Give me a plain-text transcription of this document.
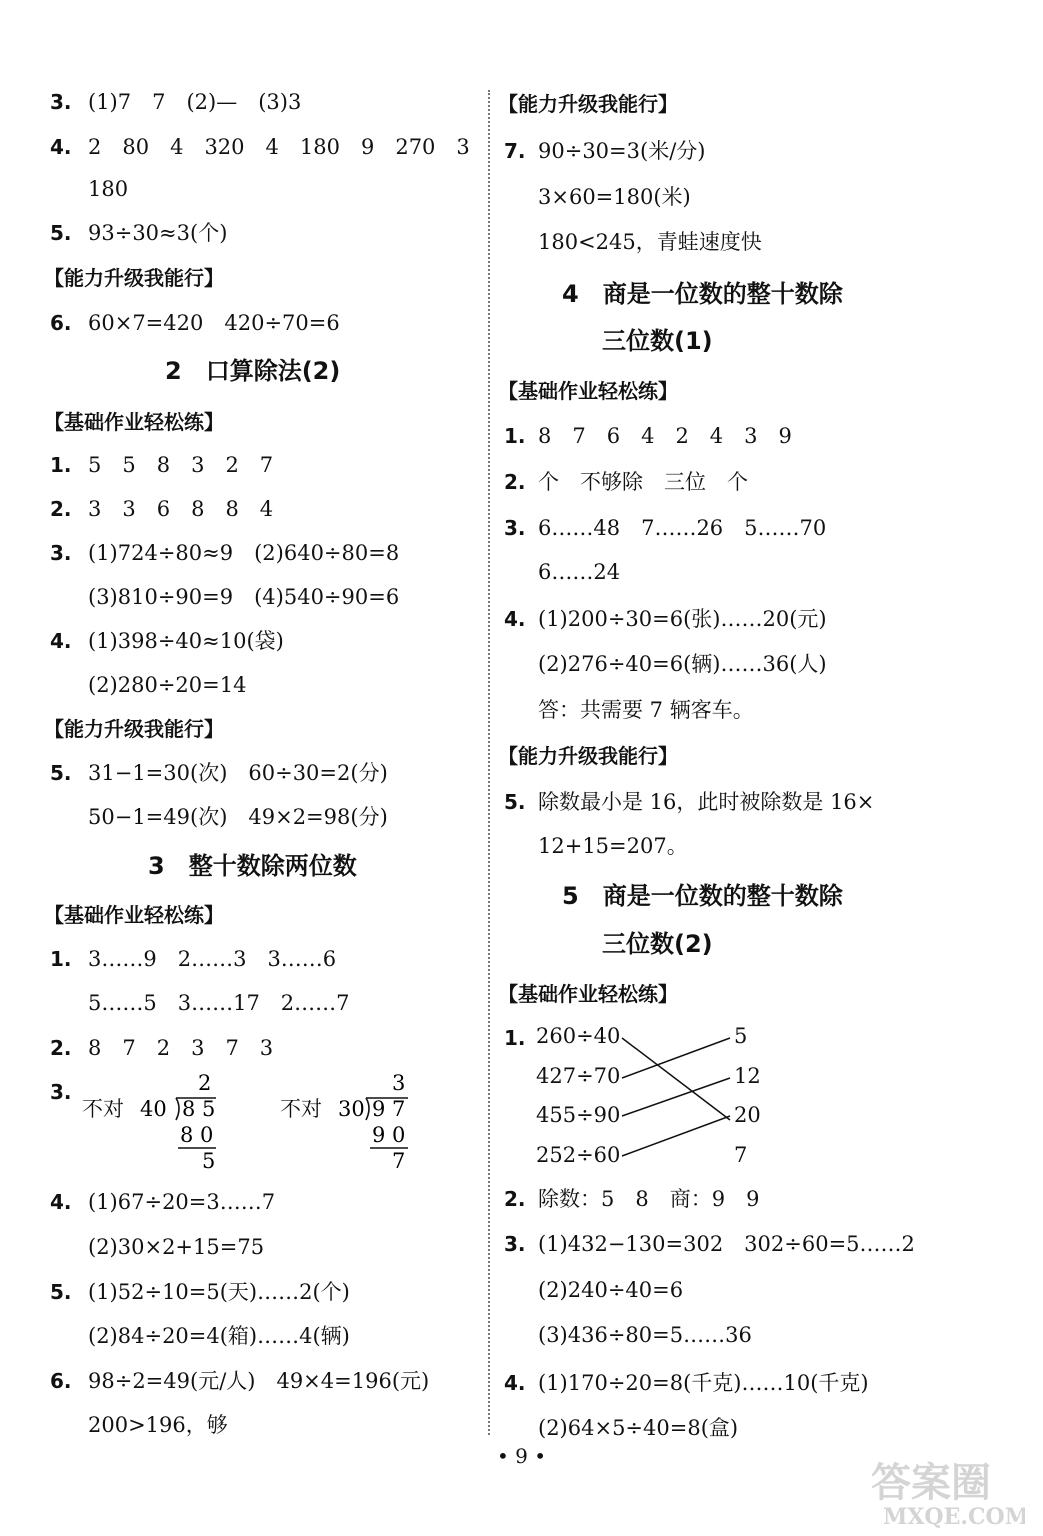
3. (1)7　7　(2)—　(3)3
4. 2　80　4　320　4　180　9　270　3
180
5. 93÷30≈3(个)
【能力升级我能行】
6. 60×7=420　420÷70=6
2　口算除法(2)
【基础作业轻松练】
1. 5　5　8　3　2　7
2. 3　3　6　8　8　4
3. (1)724÷80≈9　(2)640÷80=8
(3)810÷90=9　(4)540÷90=6
4. (1)398÷40≈10(袋)
(2)280÷20=14
【能力升级我能行】
5. 31−1=30(次)　60÷30=2(分)
50−1=49(次)　49×2=98(分)
3　整十数除两位数
【基础作业轻松练】
1. 3……9　2……3　3……6
5……5　3……17　2……7
2. 8　7　2　3　7　3
3.
不对 40
2
8 5
8 0
5
不对 30
3
9 7
9 0
7
4. (1)67÷20=3……7
(2)30×2+15=75
5. (1)52÷10=5(天)……2(个)
(2)84÷20=4(箱)……4(辆)
6. 98÷2=49(元/人)　49×4=196(元)
200>196，够
【能力升级我能行】
7. 90÷30=3(米/分)
3×60=180(米)
180<245，青蛙速度快
4　商是一位数的整十数除
三位数(1)
【基础作业轻松练】
1. 8　7　6　4　2　4　3　9
2. 个　不够除　三位　个
3. 6……48　7……26　5……70
6……24
4. (1)200÷30=6(张)……20(元)
(2)276÷40=6(辆)……36(人)
答：共需要 7 辆客车。
【能力升级我能行】
5. 除数最小是 16，此时被除数是 16×
12+15=207。
5　商是一位数的整十数除
三位数(2)
【基础作业轻松练】
1. 260÷40
427÷70
455÷90
252÷60
5
12
20
7
2. 除数：5　8　商：9　9
3. (1)432−130=302　302÷60=5……2
(2)240÷40=6
(3)436÷80=5……36
4. (1)170÷20=8(千克)……10(千克)
(2)64×5÷40=8(盒)
• 9 •
答案圈
MXQE.COM
